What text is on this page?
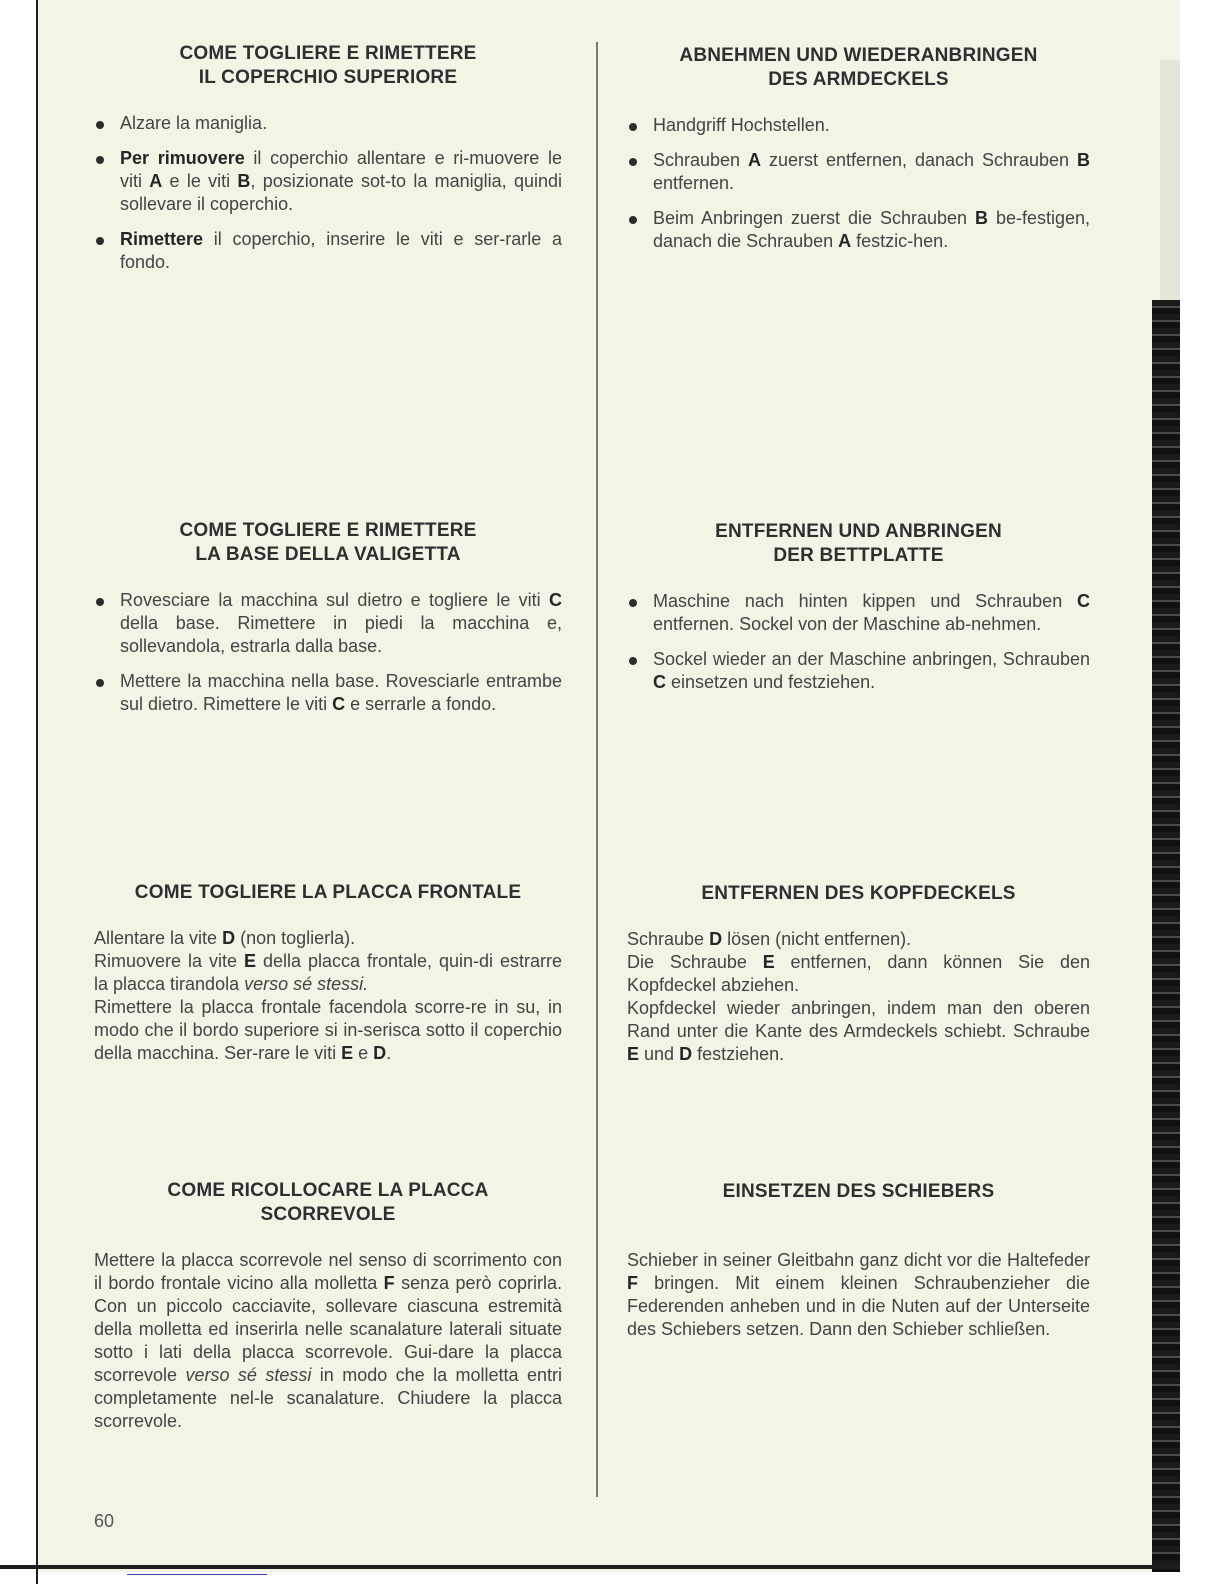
COME TOGLIERE E RIMETTERE
IL COPERCHIO SUPERIORE
Alzare la maniglia.
Per rimuovere il coperchio allentare e ri-muovere le viti A e le viti B, posizionate sot-to la maniglia, quindi sollevare il coperchio.
Rimettere il coperchio, inserire le viti e ser-rarle a fondo.
COME TOGLIERE E RIMETTERE
LA BASE DELLA VALIGETTA
Rovesciare la macchina sul dietro e togliere le viti C della base. Rimettere in piedi la macchina e, sollevandola, estrarla dalla base.
Mettere la macchina nella base. Rovesciarle entrambe sul dietro. Rimettere le viti C e serrarle a fondo.
COME TOGLIERE LA PLACCA FRONTALE

Allentare la vite D (non toglierla).

Rimuovere la vite E della placca frontale, quin-di estrarre la placca tirandola verso sé stessi.

Rimettere la placca frontale facendola scorre-re in su, in modo che il bordo superiore si in-serisca sotto il coperchio della macchina. Ser-rare le viti E e D.

COME RICOLLOCARE LA PLACCA
SCORREVOLE

Mettere la placca scorrevole nel senso di scorrimento con il bordo frontale vicino alla molletta F senza però coprirla. Con un piccolo cacciavite, sollevare ciascuna estremità della molletta ed inserirla nelle scanalature laterali situate sotto i lati della placca scorrevole. Gui-dare la placca scorrevole verso sé stessi in modo che la molletta entri completamente nel-le scanalature. Chiudere la placca scorrevole.

ABNEHMEN UND WIEDERANBRINGEN
DES ARMDECKELS
Handgriff Hochstellen.
Schrauben A zuerst entfernen, danach Schrauben B entfernen.
Beim Anbringen zuerst die Schrauben B be-festigen, danach die Schrauben A festzic-hen.
ENTFERNEN UND ANBRINGEN
DER BETTPLATTE
Maschine nach hinten kippen und Schrauben C entfernen. Sockel von der Maschine ab-nehmen.
Sockel wieder an der Maschine anbringen, Schrauben C einsetzen und festziehen.
ENTFERNEN DES KOPFDECKELS

Schraube D lösen (nicht entfernen).

Die Schraube E entfernen, dann können Sie den Kopfdeckel abziehen.

Kopfdeckel wieder anbringen, indem man den oberen Rand unter die Kante des Armdeckels schiebt. Schraube E und D festziehen.

EINSETZEN DES SCHIEBERS

Schieber in seiner Gleitbahn ganz dicht vor die Haltefeder F bringen. Mit einem kleinen Schraubenzieher die Federenden anheben und in die Nuten auf der Unterseite des Schiebers setzen. Dann den Schieber schließen.

60
